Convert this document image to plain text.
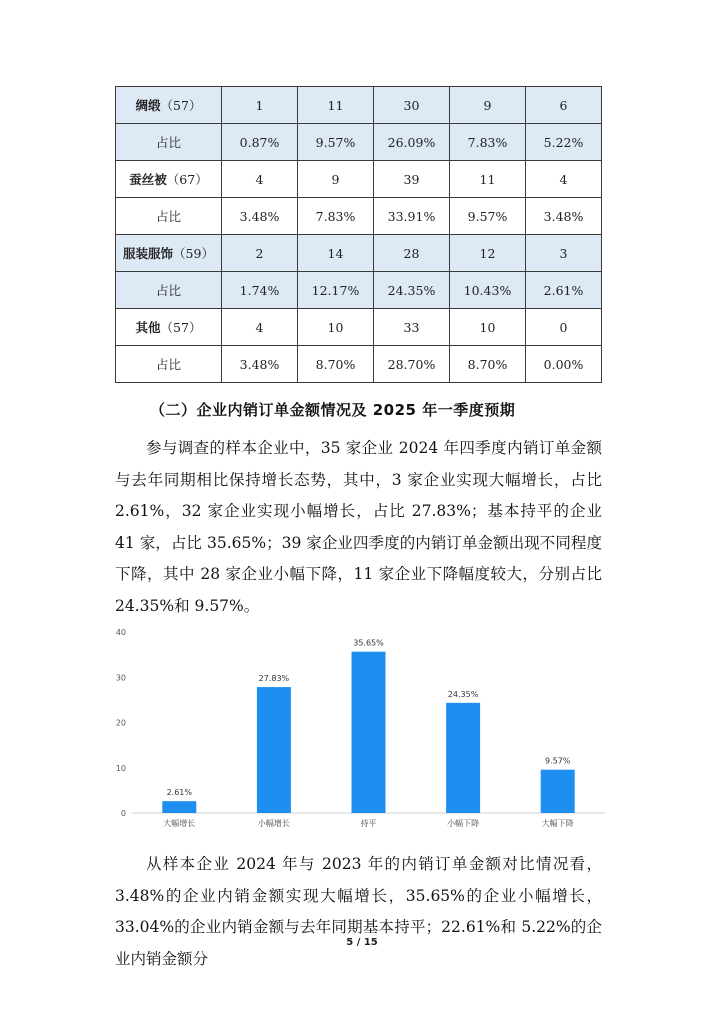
绸缎（57）	1	11	30	9	6
占比	0.87%	9.57%	26.09%	7.83%	5.22%
蚕丝被（67）	4	9	39	11	4
占比	3.48%	7.83%	33.91%	9.57%	3.48%
服装服饰（59）	2	14	28	12	3
占比	1.74%	12.17%	24.35%	10.43%	2.61%
其他（57）	4	10	33	10	0
占比	3.48%	8.70%	28.70%	8.70%	0.00%
（二）企业内销订单金额情况及 2025 年一季度预期

参与调查的样本企业中，35 家企业 2024 年四季度内销订单金额与去年同期相比保持增长态势，其中，3 家企业实现大幅增长，占比 2.61%，32 家企业实现小幅增长，占比 27.83%；基本持平的企业 41 家，占比 35.65%；39 家企业四季度的内销订单金额出现不同程度下降，其中 28 家企业小幅下降，11 家企业下降幅度较大，分别占比 24.35%和 9.57%。

0
10
20
30
40
2.61%
大幅增长
27.83%
小幅增长
35.65%
持平
24.35%
小幅下降
9.57%
大幅下降

从样本企业 2024 年与 2023 年的内销订单金额对比情况看，3.48%的企业内销金额实现大幅增长，35.65%的企业小幅增长，33.04%的企业内销金额与去年同期基本持平；22.61%和 5.22%的企业内销金额分

5 / 15
